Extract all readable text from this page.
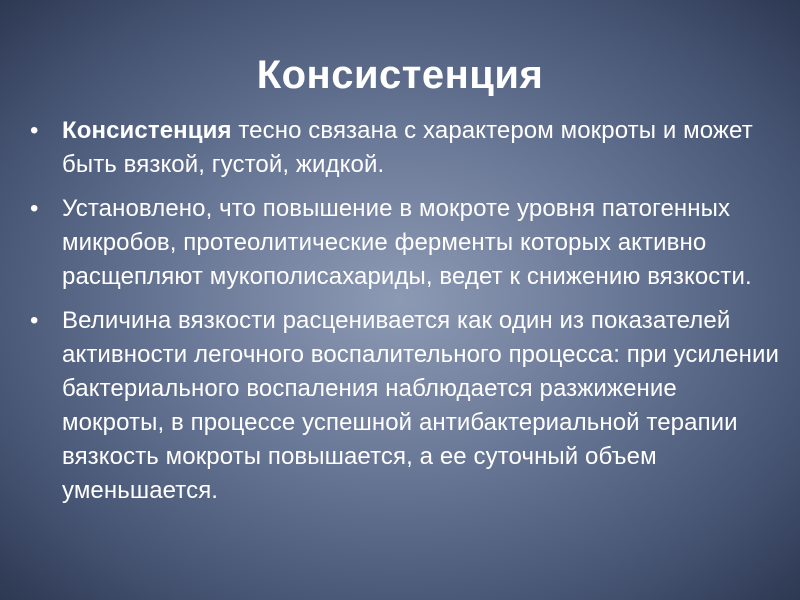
Консистенция
• Консистенция тесно связана с характером мокроты и может быть вязкой, густой, жидкой.
• Установлено, что повышение в мокроте уровня патогенных микробов, протеолитические ферменты которых активно расщепляют мукополисахариды, ведет к снижению вязкости.
• Величина вязкости расценивается как один из показателей активности легочного воспалительного процесса: при усилении бактериального воспаления наблюдается разжижение мокроты, в процессе успешной антибактериальной терапии вязкость мокроты повышается, а ее суточный объем уменьшается.
